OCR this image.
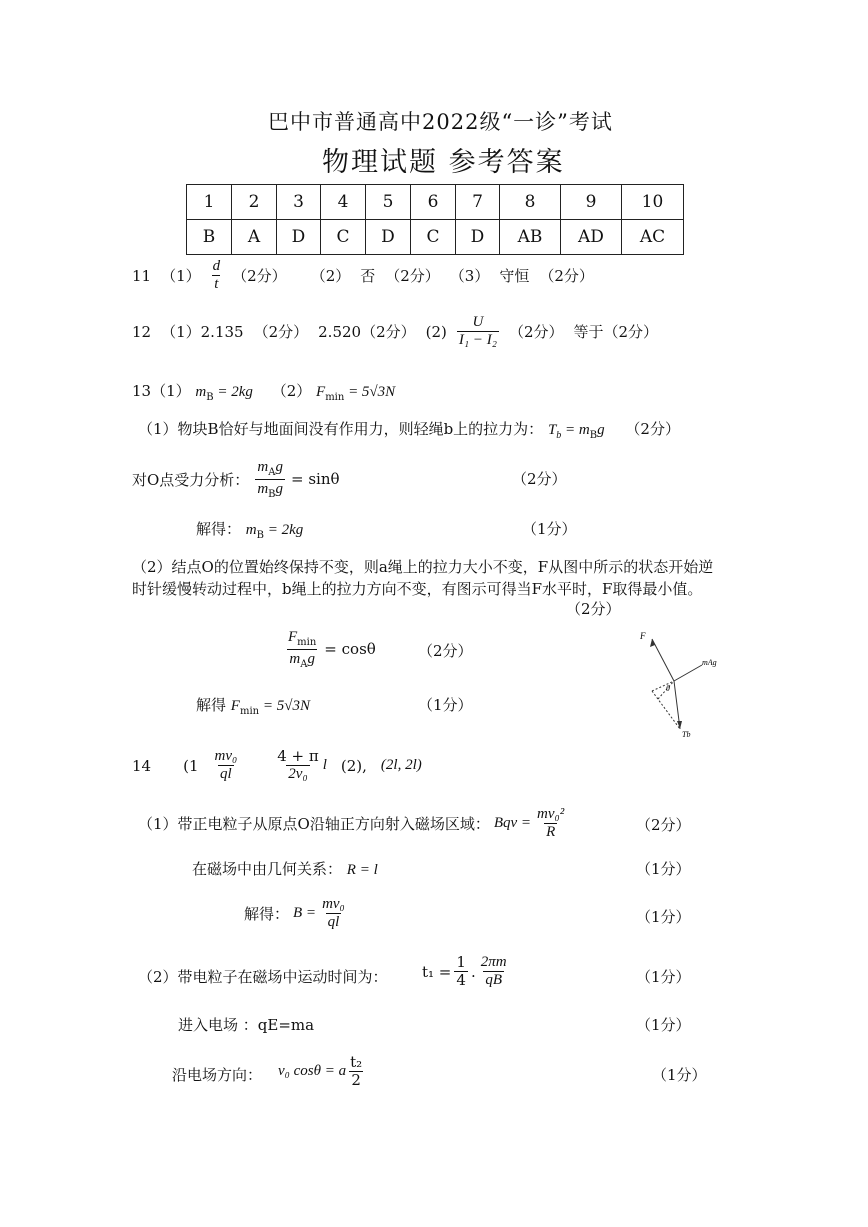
巴中市普通高中2022级“一诊”考试
物理试题 参考答案
1	2	3	4	5	6	7	8	9	10
B	A	D	C	D	C	D	AB	AD	AC
11 $(1) \frac{d}{t} (2$分） （2） 否 （2分） （3） 守恒 （2分）
12 （1）2.135 （2分） 2.520（2分） $(2) \frac{U}{\text{I₁ − I₂}} (2$分） 等于（2分）
13（1） $m_B = 2kg$ （2） $F_{min} = 5√3N$
（1）物块B恰好与地面间没有作用力，则轻绳b上的拉力为： $T_b = m_Bg$ （2分）
对O点受力分析： $\frac{m_Ag}{m_Bg} = \sin\theta$	（2分）
解得： $m_B = 2kg$	（1分）
（2）结点O的位置始终保持不变，则a绳上的拉力大小不变，F从图中所示的状态开始逆
时针缓慢转动过程中，b绳上的拉力方向不变，有图示可得当F水平时，F取得最小值。
（2分）
$\frac{F_{min}}{m_Ag} = \cos\theta$	（2分）
解得 $F_{min} = 5√3N$	（1分）
F
mAg
θ
Tb
14 ($1 \frac{\text{mv₀}}{ql} \frac{4 + \pi}{\text{2v₀}}$ l (2), (2l, 2l)
（1）带正电粒子从原点O沿轴正方向射入磁场区域： Bqv = $\frac{\text{mv₀²}}{R}$	（2分）
在磁场中由几何关系： R = l	（1分）
解得： $B = \frac{\text{mv₀}}{ql}$	（1分）
（2）带电粒子在磁场中运动时间为： $t_1 = \frac{1}{4}$ . $\frac{2\pi m}{qB}$	（1分）
进入电场 ：qE=ma	（1分）
沿电场方向： v₀ cosθ = a $\frac{\text{t₂}}{2}$	（1分）
